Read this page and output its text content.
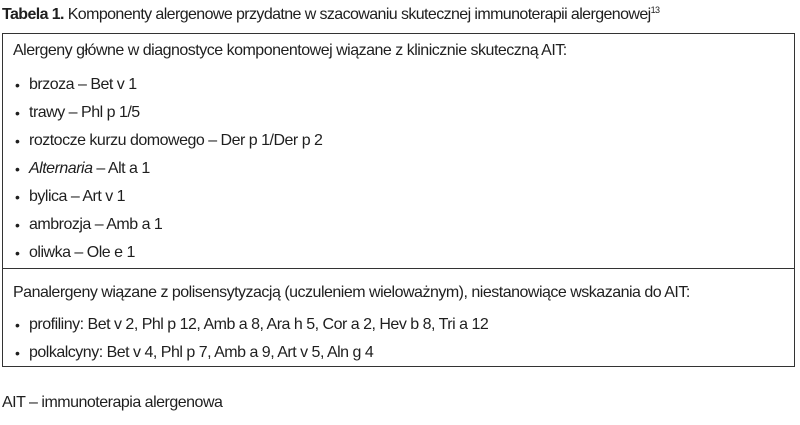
Tabela 1. Komponenty alergenowe przydatne w szacowaniu skutecznej immunoterapii alergenowej$^{13}$
Alergeny główne w diagnostyce komponentowej wiązane z klinicznie skuteczną AIT:
• brzoza – Bet v 1
• trawy – Phl p 1/5
• roztocze kurzu domowego – Der p 1/Der p 2
• Alternaria – Alt a 1
• bylica – Art v 1
• ambrozja – Amb a 1
• oliwka – Ole e 1
Panalergeny wiązane z polisensytyzacją (uczuleniem wieloważnym), niestanowiące wskazania do AIT:
• profiliny: Bet v 2, Phl p 12, Amb a 8, Ara h 5, Cor a 2, Hev b 8, Tri a 12
• polkalcyny: Bet v 4, Phl p 7, Amb a 9, Art v 5, Aln g 4
AIT – immunoterapia alergenowa
